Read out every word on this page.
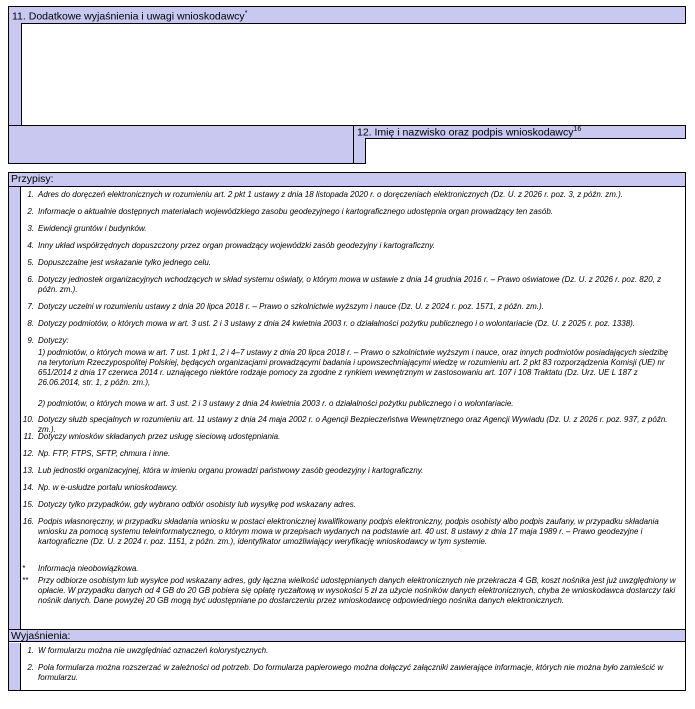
11. Dodatkowe wyjaśnienia i uwagi wnioskodawcy*
12. Imię i nazwisko oraz podpis wnioskodawcy$^{16}$
Przypisy:
1. Adres do doręczeń elektronicznych w rozumieniu art. 2 pkt 1 ustawy z dnia 18 listopada 2020 r. o doręczeniach elektronicznych (Dz. U. z 2026 r. poz. 3, z późn. zm.).
2. Informacje o aktualnie dostępnych materiałach wojewódzkiego zasobu geodezyjnego i kartograficznego udostępnia organ prowadzący ten zasób.
3. Ewidencji gruntów i budynków.
4. Inny układ współrzędnych dopuszczony przez organ prowadzący wojewódzki zasób geodezyjny i kartograficzny.
5. Dopuszczalne jest wskazanie tylko jednego celu.
6. Dotyczy jednostek organizacyjnych wchodzących w skład systemu oświaty, o którym mowa w ustawie z dnia 14 grudnia 2016 r. – Prawo oświatowe (Dz. U. z 2026 r. poz. 820, z późn. zm.).
7. Dotyczy uczelni w rozumieniu ustawy z dnia 20 lipca 2018 r. – Prawo o szkolnictwie wyższym i nauce (Dz. U. z 2024 r. poz. 1571, z późn. zm.).
8. Dotyczy podmiotów, o których mowa w art. 3 ust. 2 i 3 ustawy z dnia 24 kwietnia 2003 r. o działalności pożytku publicznego i o wolontariacie (Dz. U. z 2025 r. poz. 1338).
9. Dotyczy:
1) podmiotów, o których mowa w art. 7 ust. 1 pkt 1, 2 i 4–7 ustawy z dnia 20 lipca 2018 r. – Prawo o szkolnictwie wyższym i nauce, oraz innych podmiotów posiadających siedzibę na terytorium Rzeczypospolitej Polskiej, będących organizacjami prowadzącymi badania i upowszechniającymi wiedzę w rozumieniu art. 2 pkt 83 rozporządzenia Komisji (UE) nr 651/2014 z dnia 17 czerwca 2014 r. uznającego niektóre rodzaje pomocy za zgodne z rynkiem wewnętrznym w zastosowaniu art. 107 i 108 Traktatu (Dz. Urz. UE L 187 z 26.06.2014, str. 1, z późn. zm.),
2) podmiotów, o których mowa w art. 3 ust. 2 i 3 ustawy z dnia 24 kwietnia 2003 r. o działalności pożytku publicznego i o wolontariacie.
10. Dotyczy służb specjalnych w rozumieniu art. 11 ustawy z dnia 24 maja 2002 r. o Agencji Bezpieczeństwa Wewnętrznego oraz Agencji Wywiadu (Dz. U. z 2026 r. poz. 937, z późn. zm.).
11. Dotyczy wniosków składanych przez usługę sieciową udostępniania.
12. Np. FTP, FTPS, SFTP, chmura i inne.
13. Lub jednostki organizacyjnej, która w imieniu organu prowadzi państwowy zasób geodezyjny i kartograficzny.
14. Np. w e-usłudze portalu wnioskodawcy.
15. Dotyczy tylko przypadków, gdy wybrano odbiór osobisty lub wysyłkę pod wskazany adres.
16. Podpis własnoręczny, w przypadku składania wniosku w postaci elektronicznej kwalifikowany podpis elektroniczny, podpis osobisty albo podpis zaufany, w przypadku składania wniosku za pomocą systemu teleinformatycznego, o którym mowa w przepisach wydanych na podstawie art. 40 ust. 8 ustawy z dnia 17 maja 1989 r. – Prawo geodezyjne i kartograficzne (Dz. U. z 2024 r. poz. 1151, z późn. zm.), identyfikator umożliwiający weryfikację wnioskodawcy w tym systemie.
*	Informacja nieobowiązkowa.
**	Przy odbiorze osobistym lub wysyłce pod wskazany adres, gdy łączna wielkość udostępnianych danych elektronicznych nie przekracza 4 GB, koszt nośnika jest już uwzględniony w opłacie. W przypadku danych od 4 GB do 20 GB pobiera się opłatę ryczałtową w wysokości 5 zł za użycie nośników danych elektronicznych, chyba że wnioskodawca dostarczy taki nośnik danych. Dane powyżej 20 GB mogą być udostępniane po dostarczeniu przez wnioskodawcę odpowiedniego nośnika danych elektronicznych.
Wyjaśnienia:
1. W formularzu można nie uwzględniać oznaczeń kolorystycznych.
2. Pola formularza można rozszerzać w zależności od potrzeb. Do formularza papierowego można dołączyć załączniki zawierające informacje, których nie można było zamieścić w formularzu.
